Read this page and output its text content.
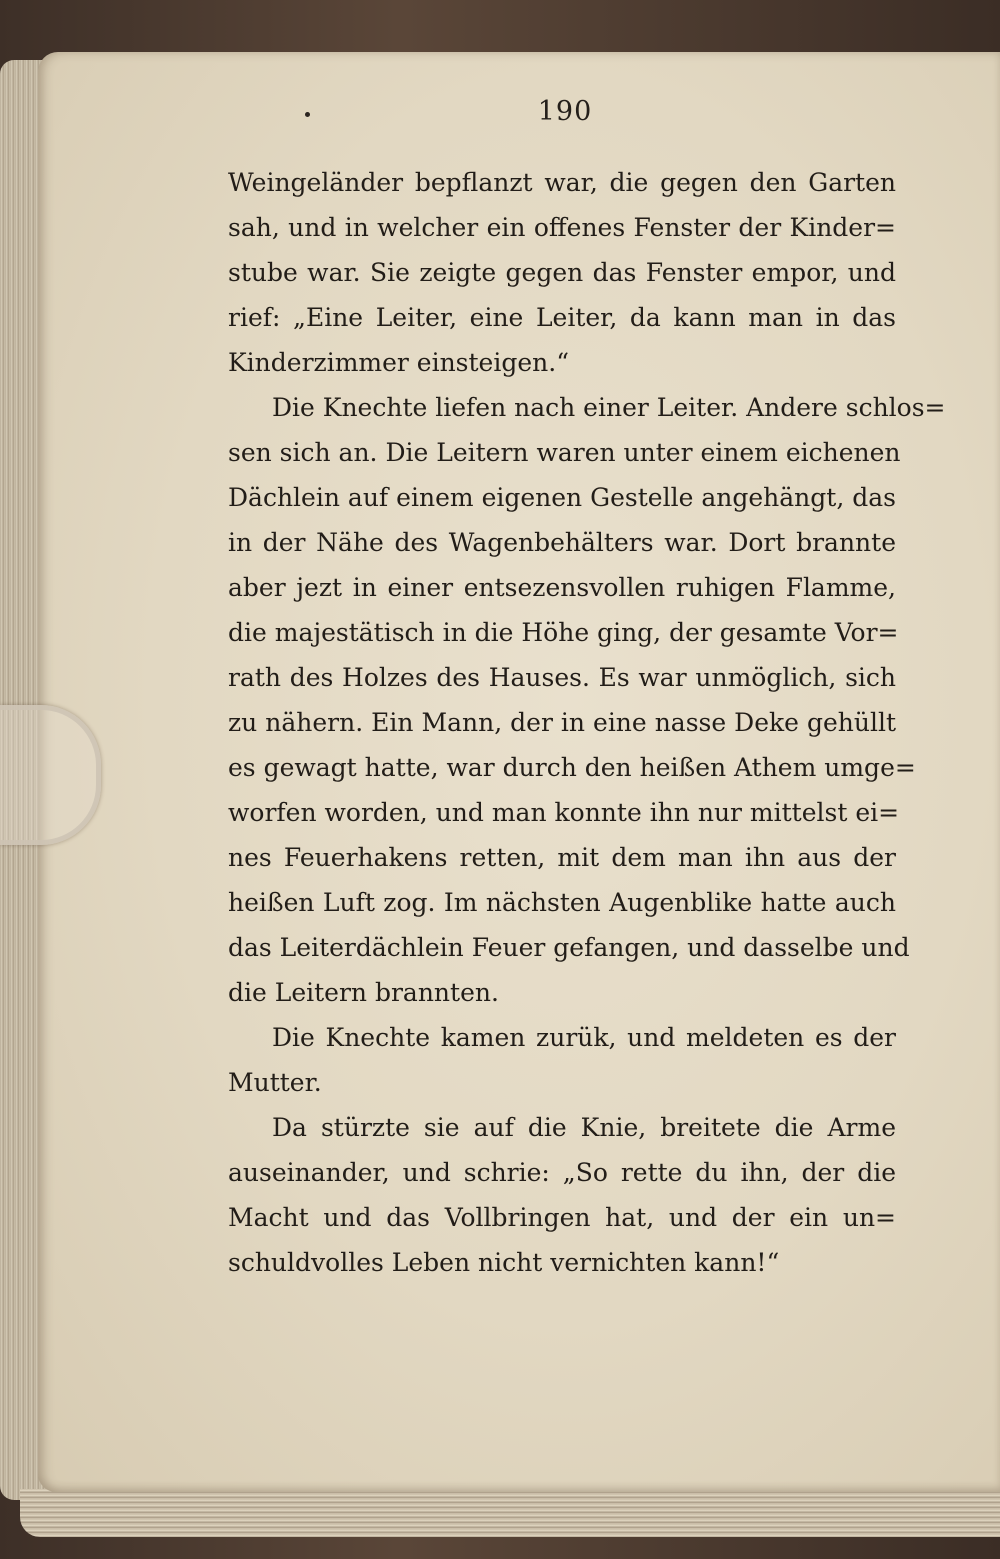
190
Weingeländer bepflanzt war, die gegen den Garten
sah, und in welcher ein offenes Fenster der Kinder=
stube war. Sie zeigte gegen das Fenster empor, und
rief: „Eine Leiter, eine Leiter, da kann man in das
Kinderzimmer einsteigen.“
Die Knechte liefen nach einer Leiter. Andere schlos=
sen sich an. Die Leitern waren unter einem eichenen
Dächlein auf einem eigenen Gestelle angehängt, das
in der Nähe des Wagenbehälters war. Dort brannte
aber jezt in einer entsezensvollen ruhigen Flamme,
die majestätisch in die Höhe ging, der gesamte Vor=
rath des Holzes des Hauses. Es war unmöglich, sich
zu nähern. Ein Mann, der in eine nasse Deke gehüllt
es gewagt hatte, war durch den heißen Athem umge=
worfen worden, und man konnte ihn nur mittelst ei=
nes Feuerhakens retten, mit dem man ihn aus der
heißen Luft zog. Im nächsten Augenblike hatte auch
das Leiterdächlein Feuer gefangen, und dasselbe und
die Leitern brannten.
Die Knechte kamen zurük, und meldeten es der
Mutter.
Da stürzte sie auf die Knie, breitete die Arme
auseinander, und schrie: „So rette du ihn, der die
Macht und das Vollbringen hat, und der ein un=
schuldvolles Leben nicht vernichten kann!“
